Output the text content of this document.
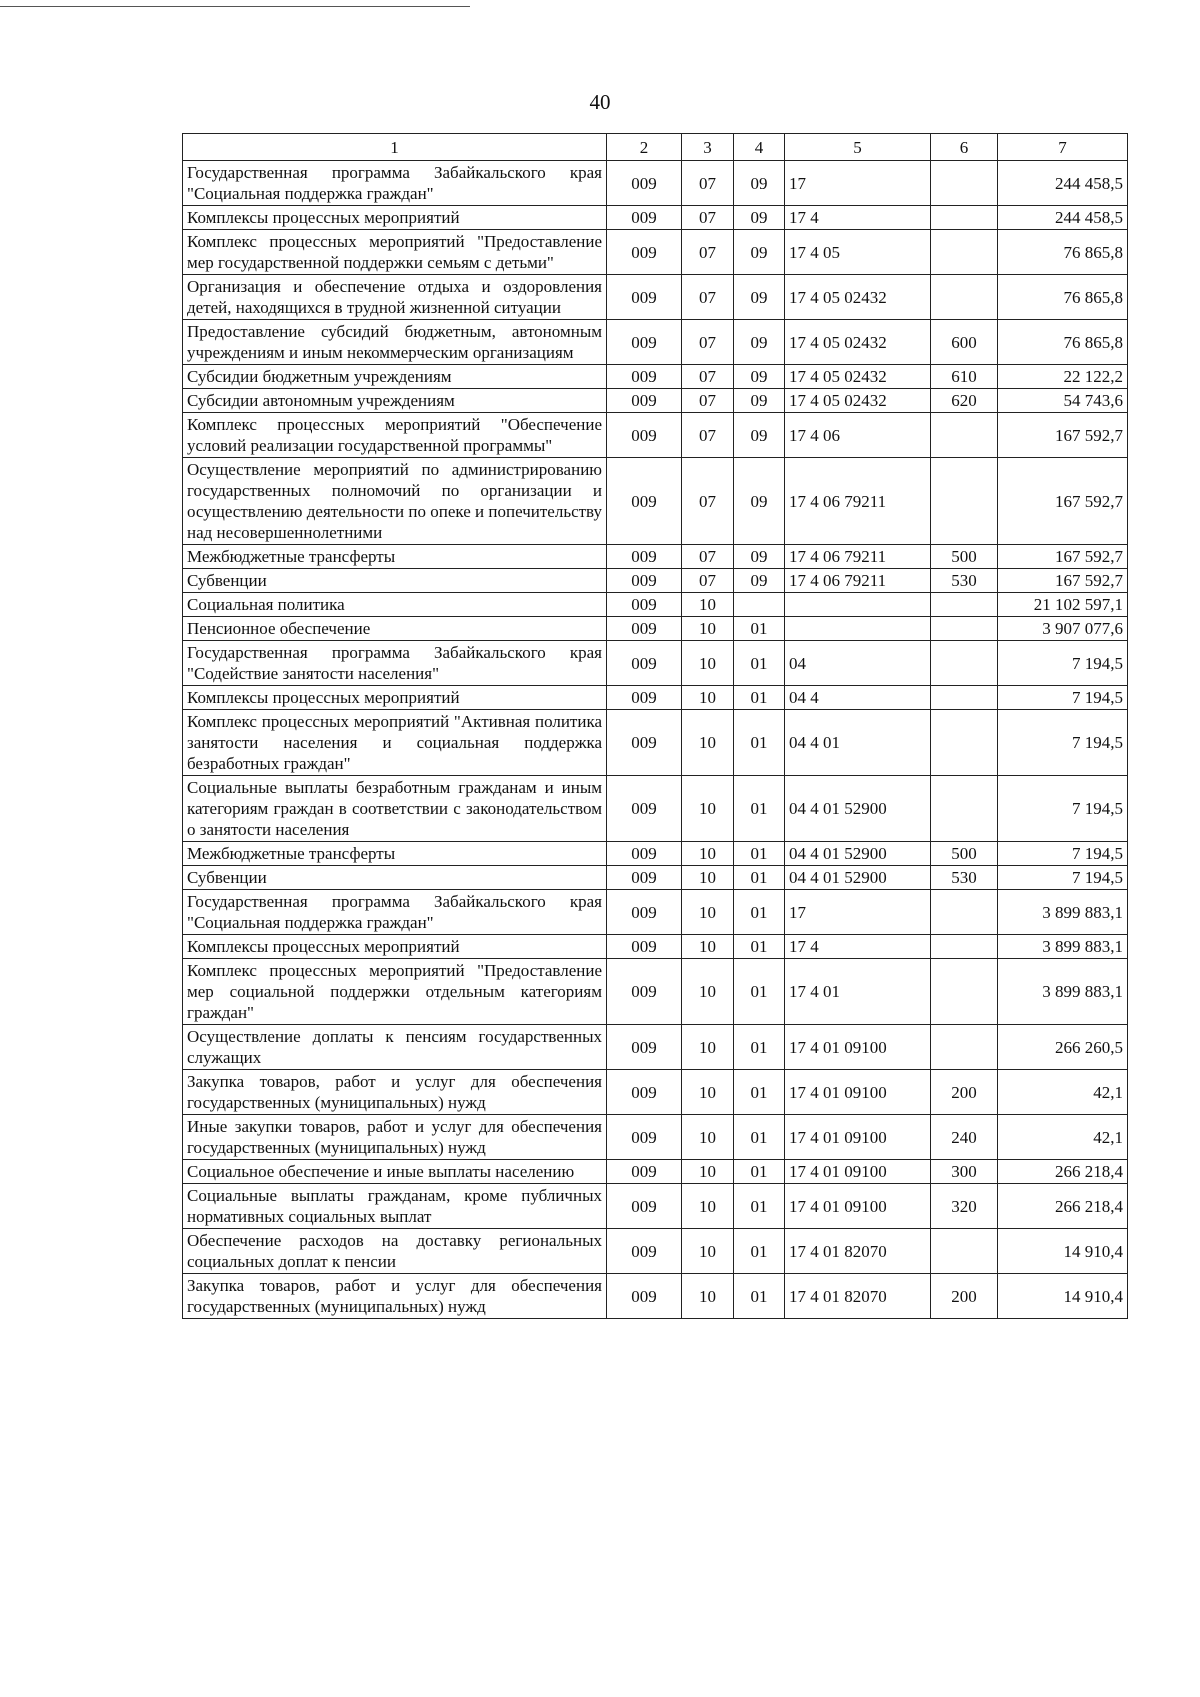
40
1	2	3	4	5	6	7
Государственная программа Забайкальского края "Социальная поддержка граждан"	009	07	09	17		244 458,5
Комплексы процессных мероприятий	009	07	09	17 4		244 458,5
Комплекс процессных мероприятий "Предоставление мер государственной поддержки семьям с детьми"	009	07	09	17 4 05		76 865,8
Организация и обеспечение отдыха и оздоровления детей, находящихся в трудной жизненной ситуации	009	07	09	17 4 05 02432		76 865,8
Предоставление субсидий бюджетным, автономным учреждениям и иным некоммерческим организациям	009	07	09	17 4 05 02432	600	76 865,8
Субсидии бюджетным учреждениям	009	07	09	17 4 05 02432	610	22 122,2
Субсидии автономным учреждениям	009	07	09	17 4 05 02432	620	54 743,6
Комплекс процессных мероприятий "Обеспечение условий реализации государственной программы"	009	07	09	17 4 06		167 592,7
Осуществление мероприятий по администрированию государственных полномочий по организации и осуществлению деятельности по опеке и попечительству над несовершеннолетними	009	07	09	17 4 06 79211		167 592,7
Межбюджетные трансферты	009	07	09	17 4 06 79211	500	167 592,7
Субвенции	009	07	09	17 4 06 79211	530	167 592,7
Социальная политика	009	10				21 102 597,1
Пенсионное обеспечение	009	10	01			3 907 077,6
Государственная программа Забайкальского края "Содействие занятости населения"	009	10	01	04		7 194,5
Комплексы процессных мероприятий	009	10	01	04 4		7 194,5
Комплекс процессных мероприятий "Активная политика занятости населения и социальная поддержка безработных граждан"	009	10	01	04 4 01		7 194,5
Социальные выплаты безработным гражданам и иным категориям граждан в соответствии с законодательством о занятости населения	009	10	01	04 4 01 52900		7 194,5
Межбюджетные трансферты	009	10	01	04 4 01 52900	500	7 194,5
Субвенции	009	10	01	04 4 01 52900	530	7 194,5
Государственная программа Забайкальского края "Социальная поддержка граждан"	009	10	01	17		3 899 883,1
Комплексы процессных мероприятий	009	10	01	17 4		3 899 883,1
Комплекс процессных мероприятий "Предоставление мер социальной поддержки отдельным категориям граждан"	009	10	01	17 4 01		3 899 883,1
Осуществление доплаты к пенсиям государственных служащих	009	10	01	17 4 01 09100		266 260,5
Закупка товаров, работ и услуг для обеспечения государственных (муниципальных) нужд	009	10	01	17 4 01 09100	200	42,1
Иные закупки товаров, работ и услуг для обеспечения государственных (муниципальных) нужд	009	10	01	17 4 01 09100	240	42,1
Социальное обеспечение и иные выплаты населению	009	10	01	17 4 01 09100	300	266 218,4
Социальные выплаты гражданам, кроме публичных нормативных социальных выплат	009	10	01	17 4 01 09100	320	266 218,4
Обеспечение расходов на доставку региональных социальных доплат к пенсии	009	10	01	17 4 01 82070		14 910,4
Закупка товаров, работ и услуг для обеспечения государственных (муниципальных) нужд	009	10	01	17 4 01 82070	200	14 910,4
